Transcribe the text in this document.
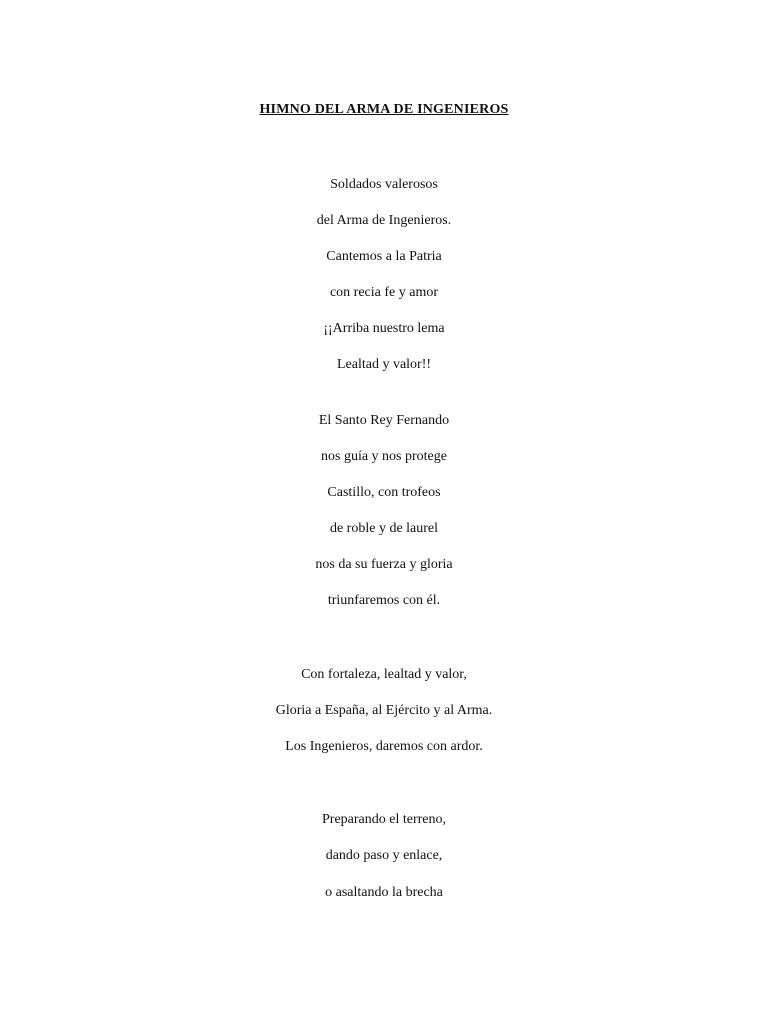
HIMNO DEL ARMA DE INGENIEROS
Soldados valerosos
del Arma de Ingenieros.
Cantemos a la Patria
con recia fe y amor
¡¡Arriba nuestro lema
Lealtad y valor!!
El Santo Rey Fernando
nos guía y nos protege
Castillo, con trofeos
de roble y de laurel
nos da su fuerza y gloria
triunfaremos con él.
Con fortaleza, lealtad y valor,
Gloria a España, al Ejército y al Arma.
Los Ingenieros, daremos con ardor.
Preparando el terreno,
dando paso y enlace,
o asaltando la brecha
